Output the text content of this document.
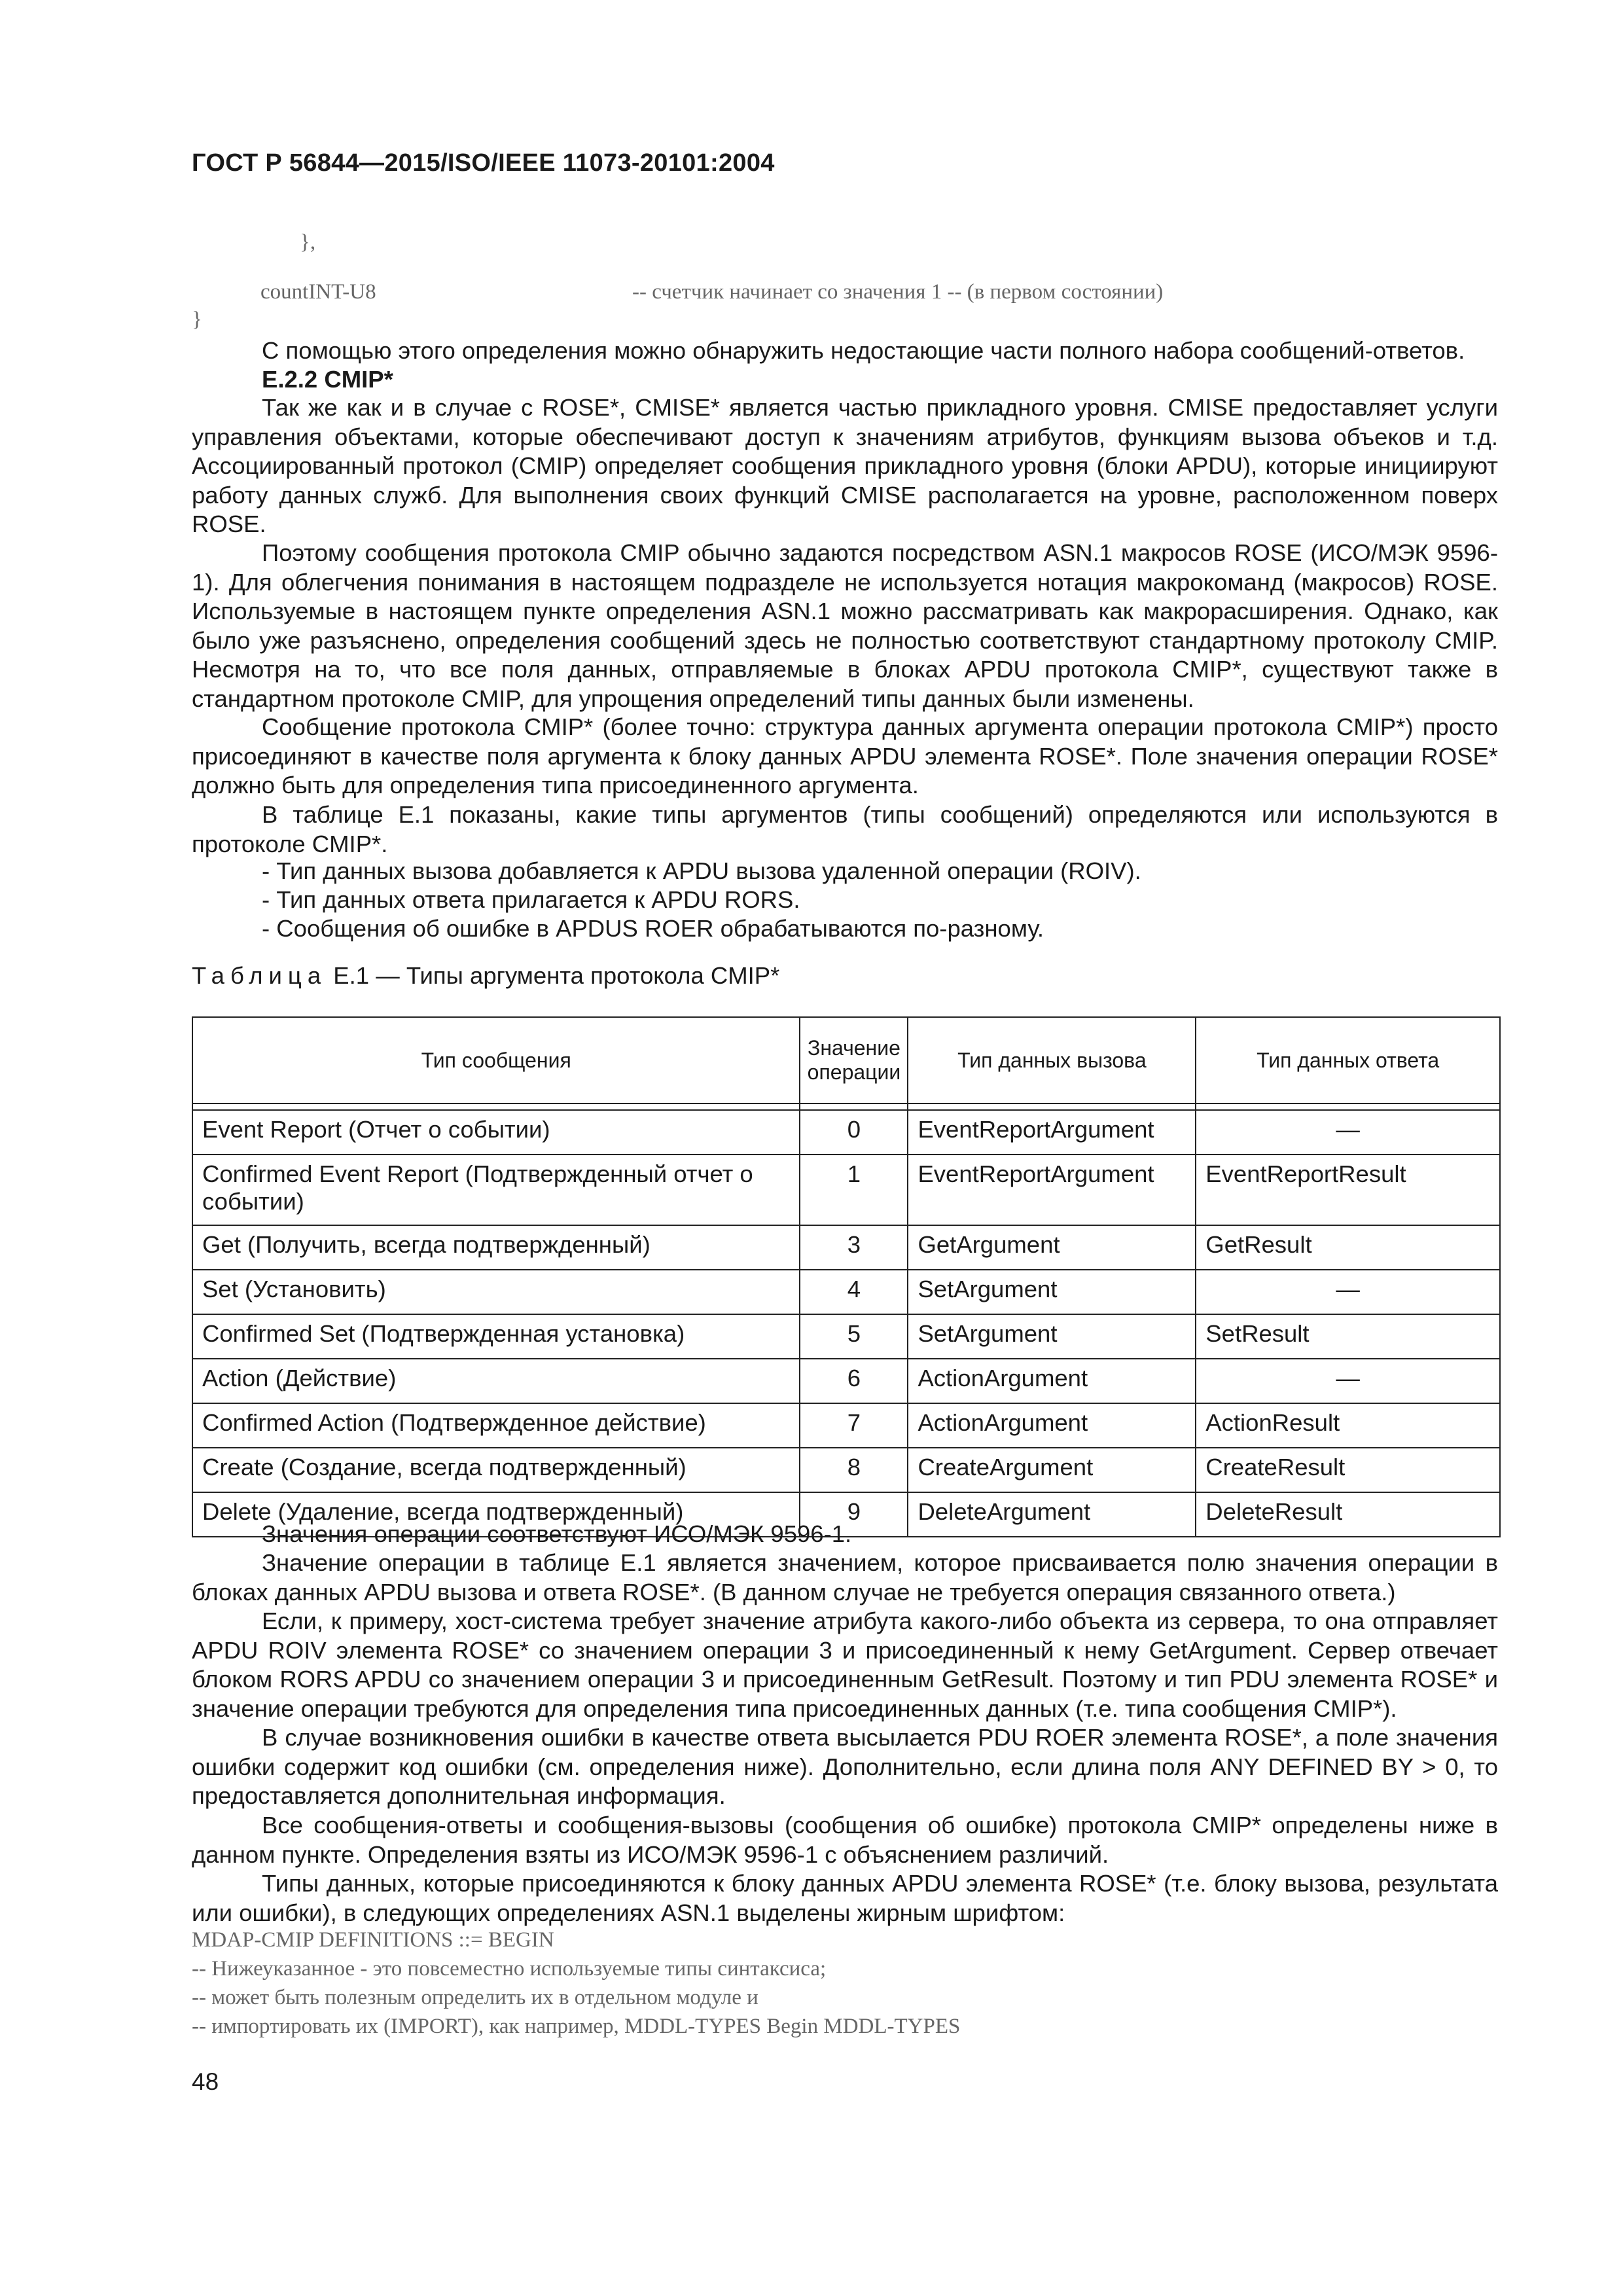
ГОСТ Р 56844—2015/ISO/IEEE 11073-20101:2004
},
countINT-U8	-- счетчик начинает со значения 1 -- (в первом состоянии)
}
С помощью этого определения можно обнаружить недостающие части полного набора сообщений-ответов.
E.2.2 CMIP*

Так же как и в случае с ROSE*, CMISE* является частью прикладного уровня. CMISE предоставляет услуги управления объектами, которые обеспечивают доступ к значениям атрибутов, функциям вызова объеков и т.д. Ассоциированный протокол (CMIP) определяет сообщения прикладного уровня (блоки APDU), которые инициируют работу данных служб. Для выполнения своих функций CMISE располагается на уровне, расположенном поверх ROSE.

Поэтому сообщения протокола CMIP обычно задаются посредством ASN.1 макросов ROSE (ИСО/МЭК 9596-1). Для облегчения понимания в настоящем подразделе не используется нотация макрокоманд (макросов) ROSE. Используемые в настоящем пункте определения ASN.1 можно рассматривать как макрорасширения. Однако, как было уже разъяснено, определения сообщений здесь не полностью соответствуют стандартному протоколу CMIP. Несмотря на то, что все поля данных, отправляемые в блоках APDU протокола CMIP*, существуют также в стандартном протоколе CMIP, для упрощения определений типы данных были изменены.

Сообщение протокола CMIP* (более точно: структура данных аргумента операции протокола CMIP*) просто присоединяют в качестве поля аргумента к блоку данных APDU элемента ROSE*. Поле значения операции ROSE* должно быть для определения типа присоединенного аргумента.

В таблице E.1 показаны, какие типы аргументов (типы сообщений) определяются или используются в протоколе CMIP*.

- Тип данных вызова добавляется к APDU вызова удаленной операции (ROIV).
- Тип данных ответа прилагается к APDU RORS.
- Сообщения об ошибке в APDUS ROER обрабатываются по-разному.
Таблица E.1 — Типы аргумента протокола CMIP*
Тип сообщения	Значение операции	Тип данных вызова	Тип данных ответа

Event Report (Отчет о событии)	0	EventReportArgument	—
Confirmed Event Report (Подтвержденный отчет о событии)	1	EventReportArgument	EventReportResult
Get (Получить, всегда подтвержденный)	3	GetArgument	GetResult
Set (Установить)	4	SetArgument	—
Confirmed Set (Подтвержденная установка)	5	SetArgument	SetResult
Action (Действие)	6	ActionArgument	—
Confirmed Action (Подтвержденное действие)	7	ActionArgument	ActionResult
Create (Создание, всегда подтвержденный)	8	CreateArgument	CreateResult
Delete (Удаление, всегда подтвержденный)	9	DeleteArgument	DeleteResult

Значения операции соответствуют ИСО/МЭК 9596-1.

Значение операции в таблице E.1 является значением, которое присваивается полю значения операции в блоках данных APDU вызова и ответа ROSE*. (В данном случае не требуется операция связанного ответа.)

Если, к примеру, хост-система требует значение атрибута какого-либо объекта из сервера, то она отправляет APDU ROIV элемента ROSE* со значением операции 3 и присоединенный к нему GetArgument. Сервер отвечает блоком RORS APDU со значением операции 3 и присоединенным GetResult. Поэтому и тип PDU элемента ROSE* и значение операции требуются для определения типа присоединенных данных (т.е. типа сообщения CMIP*).

В случае возникновения ошибки в качестве ответа высылается PDU ROER элемента ROSE*, а поле значения ошибки содержит код ошибки (см. определения ниже). Дополнительно, если длина поля ANY DEFINED BY > 0, то предоставляется дополнительная информация.

Все сообщения-ответы и сообщения-вызовы (сообщения об ошибке) протокола CMIP* определены ниже в данном пункте. Определения взяты из ИСО/МЭК 9596-1 с объяснением различий.

Типы данных, которые присоединяются к блоку данных APDU элемента ROSE* (т.е. блоку вызова, результата или ошибки), в следующих определениях ASN.1 выделены жирным шрифтом:

MDAP-CMIP DEFINITIONS ::= BEGIN
-- Нижеуказанное - это повсеместно используемые типы синтаксиса;
-- может быть полезным определить их в отдельном модуле и
-- импортировать их (IMPORT), как например, MDDL-TYPES Begin MDDL-TYPES
48
